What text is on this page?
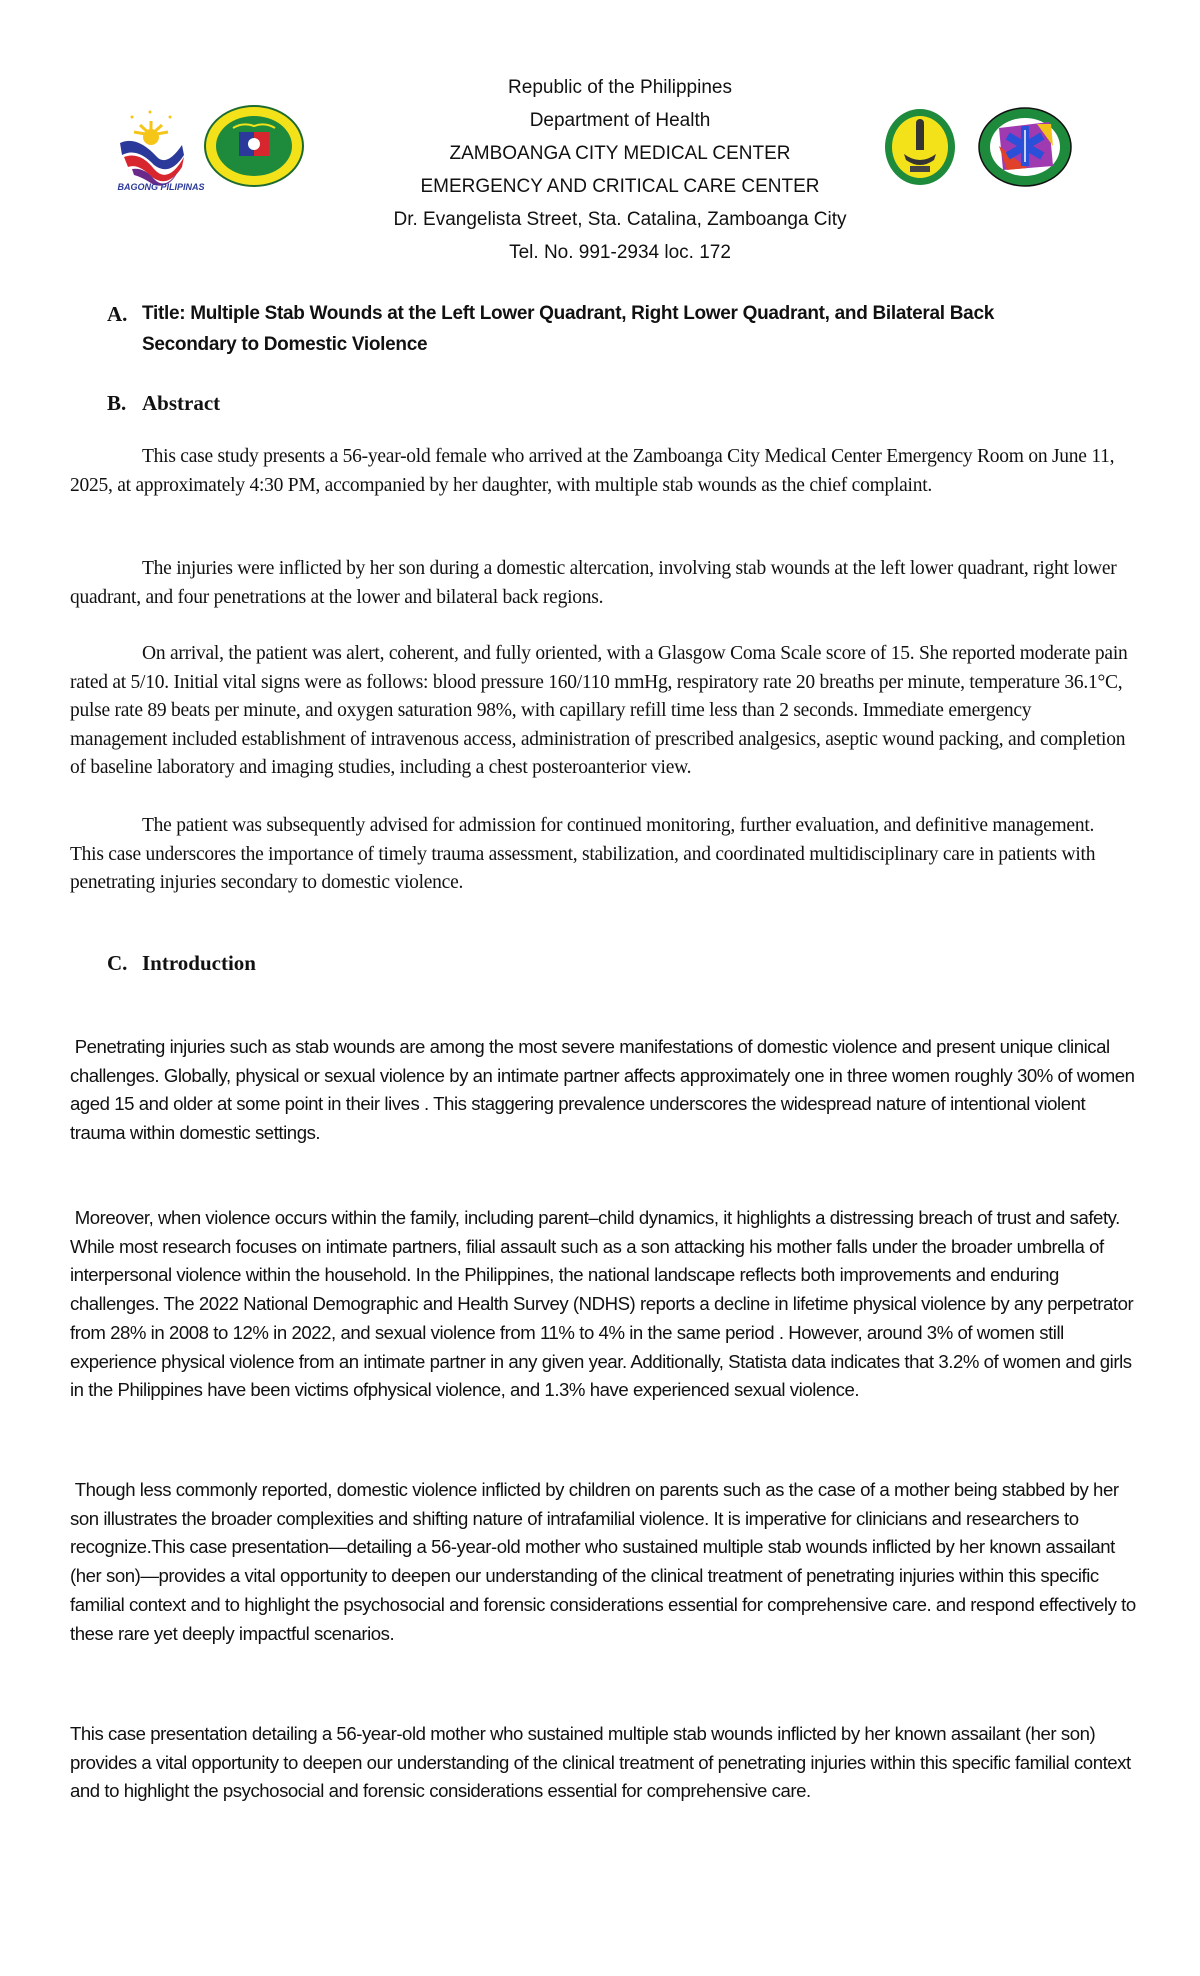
BAGONG PILIPINAS
Republic of the Philippines
Department of Health
ZAMBOANGA CITY MEDICAL CENTER
EMERGENCY AND CRITICAL CARE CENTER
Dr. Evangelista Street, Sta. Catalina, Zamboanga City
Tel. No. 991-2934 loc. 172
A. Title: Multiple Stab Wounds at the Left Lower Quadrant, Right Lower Quadrant, and Bilateral Back
Secondary to Domestic Violence
B. Abstract

This case study presents a 56-year-old female who arrived at the Zamboanga City Medical Center Emergency Room on June 11, 2025, at approximately 4:30 PM, accompanied by her daughter, with multiple stab wounds as the chief complaint.

The injuries were inflicted by her son during a domestic altercation, involving stab wounds at the left lower quadrant, right lower quadrant, and four penetrations at the lower and bilateral back regions.

On arrival, the patient was alert, coherent, and fully oriented, with a Glasgow Coma Scale score of 15. She reported moderate pain rated at 5/10. Initial vital signs were as follows: blood pressure 160/110 mmHg, respiratory rate 20 breaths per minute, temperature 36.1°C, pulse rate 89 beats per minute, and oxygen saturation 98%, with capillary refill time less than 2 seconds. Immediate emergency management included establishment of intravenous access, administration of prescribed analgesics, aseptic wound packing, and completion of baseline laboratory and imaging studies, including a chest posteroanterior view.

The patient was subsequently advised for admission for continued monitoring, further evaluation, and definitive management. This case underscores the importance of timely trauma assessment, stabilization, and coordinated multidisciplinary care in patients with penetrating injuries secondary to domestic violence.

C. Introduction

Penetrating injuries such as stab wounds are among the most severe manifestations of domestic violence and present unique clinical challenges. Globally, physical or sexual violence by an intimate partner affects approximately one in three women roughly 30% of women aged 15 and older at some point in their lives . This staggering prevalence underscores the widespread nature of intentional violent trauma within domestic settings.

Moreover, when violence occurs within the family, including parent–child dynamics, it highlights a distressing breach of trust and safety. While most research focuses on intimate partners, filial assault such as a son attacking his mother falls under the broader umbrella of interpersonal violence within the household. In the Philippines, the national landscape reflects both improvements and enduring challenges. The 2022 National Demographic and Health Survey (NDHS) reports a decline in lifetime physical violence by any perpetrator from 28% in 2008 to 12% in 2022, and sexual violence from 11% to 4% in the same period . However, around 3% of women still experience physical violence from an intimate partner in any given year. Additionally, Statista data indicates that 3.2% of women and girls in the Philippines have been victims ofphysical violence, and 1.3% have experienced sexual violence.

Though less commonly reported, domestic violence inflicted by children on parents such as the case of a mother being stabbed by her son illustrates the broader complexities and shifting nature of intrafamilial violence. It is imperative for clinicians and researchers to recognize.This case presentation—detailing a 56-year-old mother who sustained multiple stab wounds inflicted by her known assailant (her son)—provides a vital opportunity to deepen our understanding of the clinical treatment of penetrating injuries within this specific familial context and to highlight the psychosocial and forensic considerations essential for comprehensive care. and respond effectively to these rare yet deeply impactful scenarios.

This case presentation detailing a 56-year-old mother who sustained multiple stab wounds inflicted by her known assailant (her son) provides a vital opportunity to deepen our understanding of the clinical treatment of penetrating injuries within this specific familial context and to highlight the psychosocial and forensic considerations essential for comprehensive care.
